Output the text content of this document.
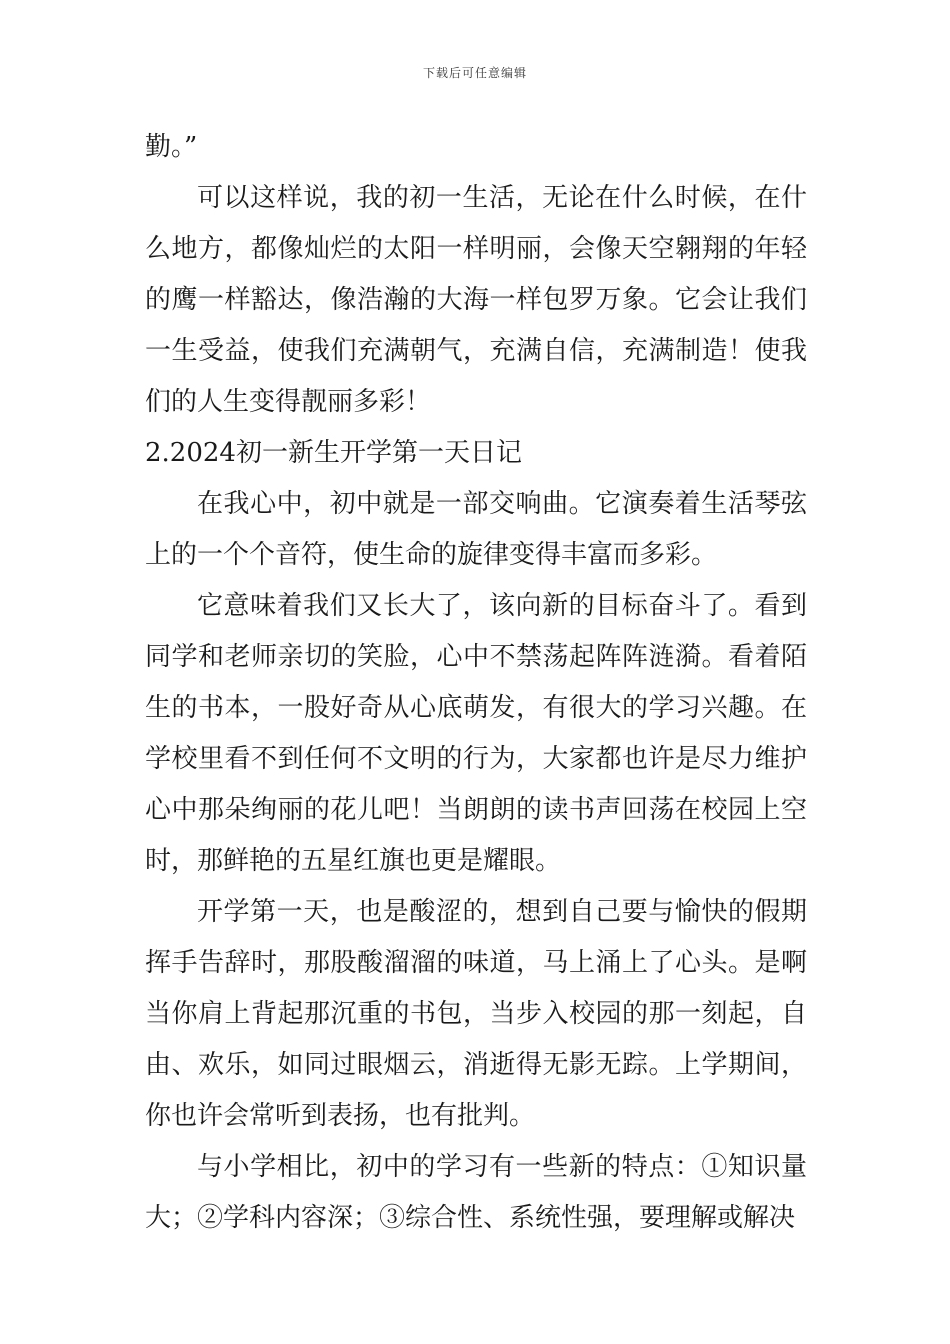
下载后可任意编辑

勤。”

可以这样说，我的初一生活，无论在什么时候，在什么地方，都像灿烂的太阳一样明丽，会像天空翱翔的年轻的鹰一样豁达，像浩瀚的大海一样包罗万象。它会让我们一生受益，使我们充满朝气，充满自信，充满制造！使我们的人生变得靓丽多彩！

2.2024初一新生开学第一天日记

在我心中，初中就是一部交响曲。它演奏着生活琴弦上的一个个音符，使生命的旋律变得丰富而多彩。

它意味着我们又长大了，该向新的目标奋斗了。看到同学和老师亲切的笑脸，心中不禁荡起阵阵涟漪。看着陌生的书本，一股好奇从心底萌发，有很大的学习兴趣。在学校里看不到任何不文明的行为，大家都也许是尽力维护心中那朵绚丽的花儿吧！当朗朗的读书声回荡在校园上空时，那鲜艳的五星红旗也更是耀眼。

开学第一天，也是酸涩的，想到自己要与愉快的假期挥手告辞时，那股酸溜溜的味道，马上涌上了心头。是啊当你肩上背起那沉重的书包，当步入校园的那一刻起，自由、欢乐，如同过眼烟云，消逝得无影无踪。上学期间，你也许会常听到表扬，也有批判。

与小学相比，初中的学习有一些新的特点：①知识量大；②学科内容深；③综合性、系统性强，要理解或解决
